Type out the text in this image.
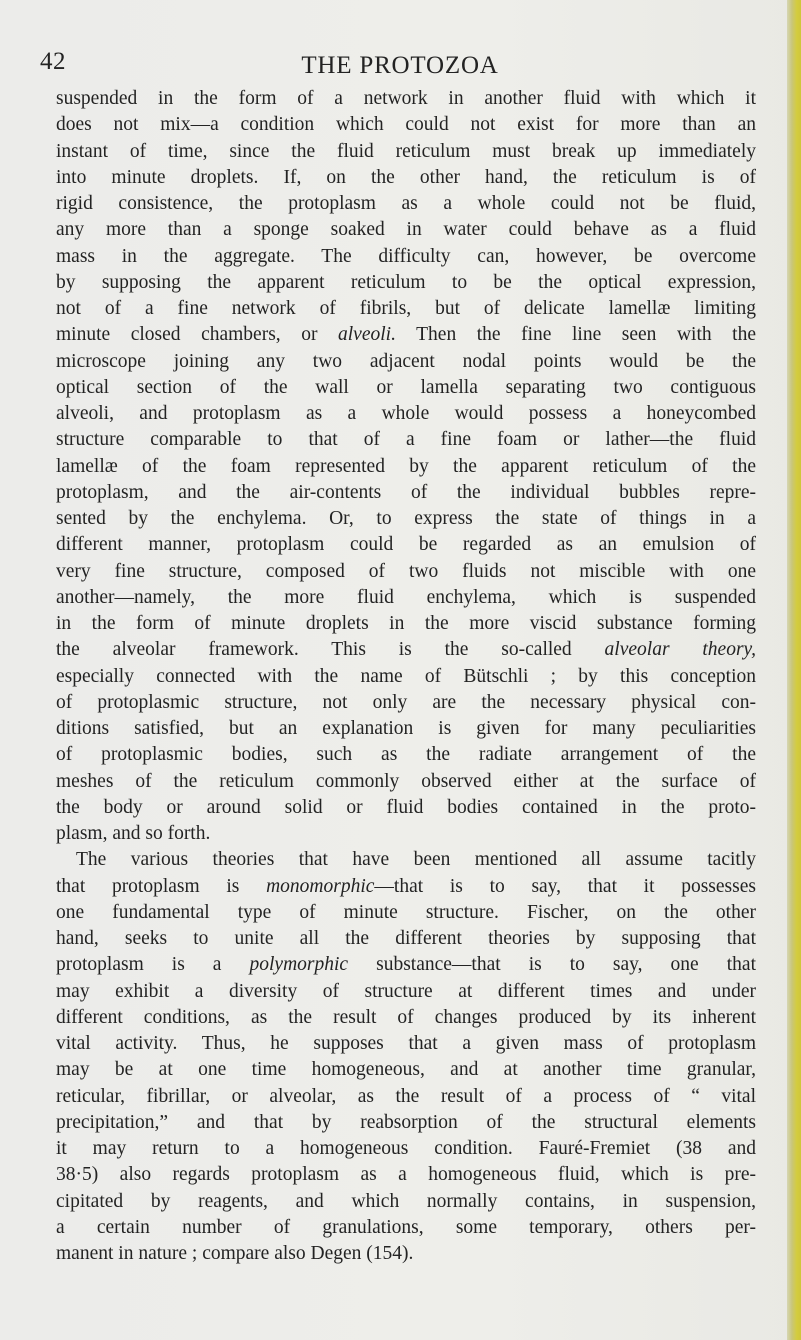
42	THE PROTOZOA
suspended in the form of a network in another fluid with which it
does not mix—a condition which could not exist for more than an
instant of time, since the fluid reticulum must break up immediately
into minute droplets. If, on the other hand, the reticulum is of
rigid consistence, the protoplasm as a whole could not be fluid,
any more than a sponge soaked in water could behave as a fluid
mass in the aggregate. The difficulty can, however, be overcome
by supposing the apparent reticulum to be the optical expression,
not of a fine network of fibrils, but of delicate lamellæ limiting
minute closed chambers, or alveoli. Then the fine line seen with the
microscope joining any two adjacent nodal points would be the
optical section of the wall or lamella separating two contiguous
alveoli, and protoplasm as a whole would possess a honeycombed
structure comparable to that of a fine foam or lather—the fluid
lamellæ of the foam represented by the apparent reticulum of the
protoplasm, and the air-contents of the individual bubbles repre-
sented by the enchylema. Or, to express the state of things in a
different manner, protoplasm could be regarded as an emulsion of
very fine structure, composed of two fluids not miscible with one
another—namely, the more fluid enchylema, which is suspended
in the form of minute droplets in the more viscid substance forming
the alveolar framework. This is the so-called alveolar theory,
especially connected with the name of Bütschli ; by this conception
of protoplasmic structure, not only are the necessary physical con-
ditions satisfied, but an explanation is given for many peculiarities
of protoplasmic bodies, such as the radiate arrangement of the
meshes of the reticulum commonly observed either at the surface of
the body or around solid or fluid bodies contained in the proto-
plasm, and so forth.
The various theories that have been mentioned all assume tacitly
that protoplasm is monomorphic—that is to say, that it possesses
one fundamental type of minute structure. Fischer, on the other
hand, seeks to unite all the different theories by supposing that
protoplasm is a polymorphic substance—that is to say, one that
may exhibit a diversity of structure at different times and under
different conditions, as the result of changes produced by its inherent
vital activity. Thus, he supposes that a given mass of protoplasm
may be at one time homogeneous, and at another time granular,
reticular, fibrillar, or alveolar, as the result of a process of “ vital
precipitation,” and that by reabsorption of the structural elements
it may return to a homogeneous condition. Fauré-Fremiet (38 and
38·5) also regards protoplasm as a homogeneous fluid, which is pre-
cipitated by reagents, and which normally contains, in suspension,
a certain number of granulations, some temporary, others per-
manent in nature ; compare also Degen (154).
